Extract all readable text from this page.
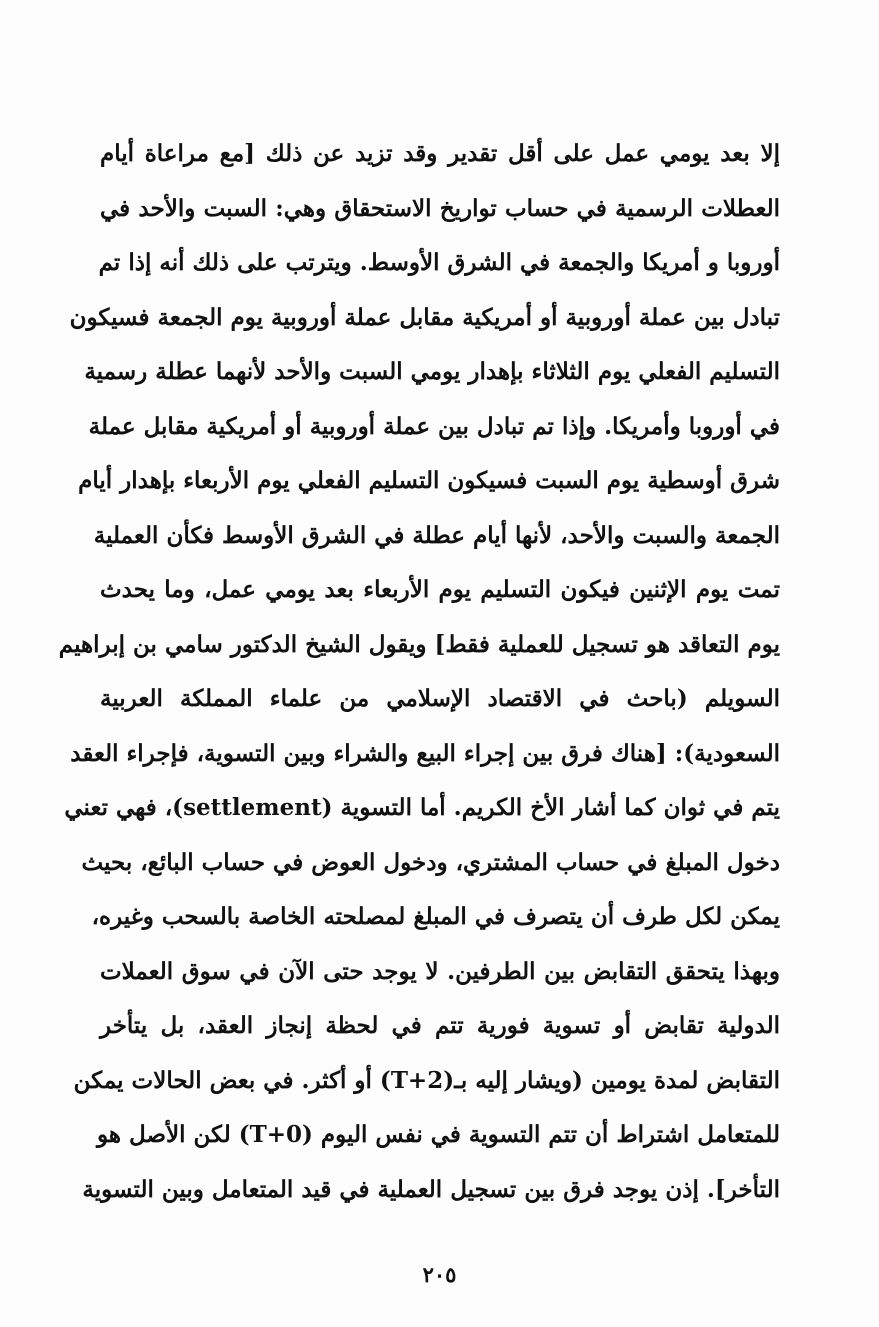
إلا بعد يومي عمل على أقل تقدير وقد تزيد عن ذلك [مع مراعاة أيام
العطلات الرسمية في حساب تواريخ الاستحقاق وهي: السبت والأحد في
أوروبا و أمريكا والجمعة في الشرق الأوسط. ويترتب على ذلك أنه إذا تم
تبادل بين عملة أوروبية أو أمريكية مقابل عملة أوروبية يوم الجمعة فسيكون
التسليم الفعلي يوم الثلاثاء بإهدار يومي السبت والأحد لأنهما عطلة رسمية
في أوروبا وأمريكا. وإذا تم تبادل بين عملة أوروبية أو أمريكية مقابل عملة
شرق أوسطية يوم السبت فسيكون التسليم الفعلي يوم الأربعاء بإهدار أيام
الجمعة والسبت والأحد، لأنها أيام عطلة في الشرق الأوسط فكأن العملية
تمت يوم الإثنين فيكون التسليم يوم الأربعاء بعد يومي عمل، وما يحدث
يوم التعاقد هو تسجيل للعملية فقط] ويقول الشيخ الدكتور سامي بن إبراهيم
السويلم (باحث في الاقتصاد الإسلامي من علماء المملكة العربية
السعودية): [هناك فرق بين إجراء البيع والشراء وبين التسوية، فإجراء العقد
يتم في ثوان كما أشار الأخ الكريم. أما التسوية (settlement)، فهي تعني
دخول المبلغ في حساب المشتري، ودخول العوض في حساب البائع، بحيث
يمكن لكل طرف أن يتصرف في المبلغ لمصلحته الخاصة بالسحب وغيره،
وبهذا يتحقق التقابض بين الطرفين. لا يوجد حتى الآن في سوق العملات
الدولية تقابض أو تسوية فورية تتم في لحظة إنجاز العقد، بل يتأخر
التقابض لمدة يومين (ويشار إليه بـ(T+2) أو أكثر. في بعض الحالات يمكن
للمتعامل اشتراط أن تتم التسوية في نفس اليوم (T+0) لكن الأصل هو
التأخر]. إذن يوجد فرق بين تسجيل العملية في قيد المتعامل وبين التسوية
٢٠٥
